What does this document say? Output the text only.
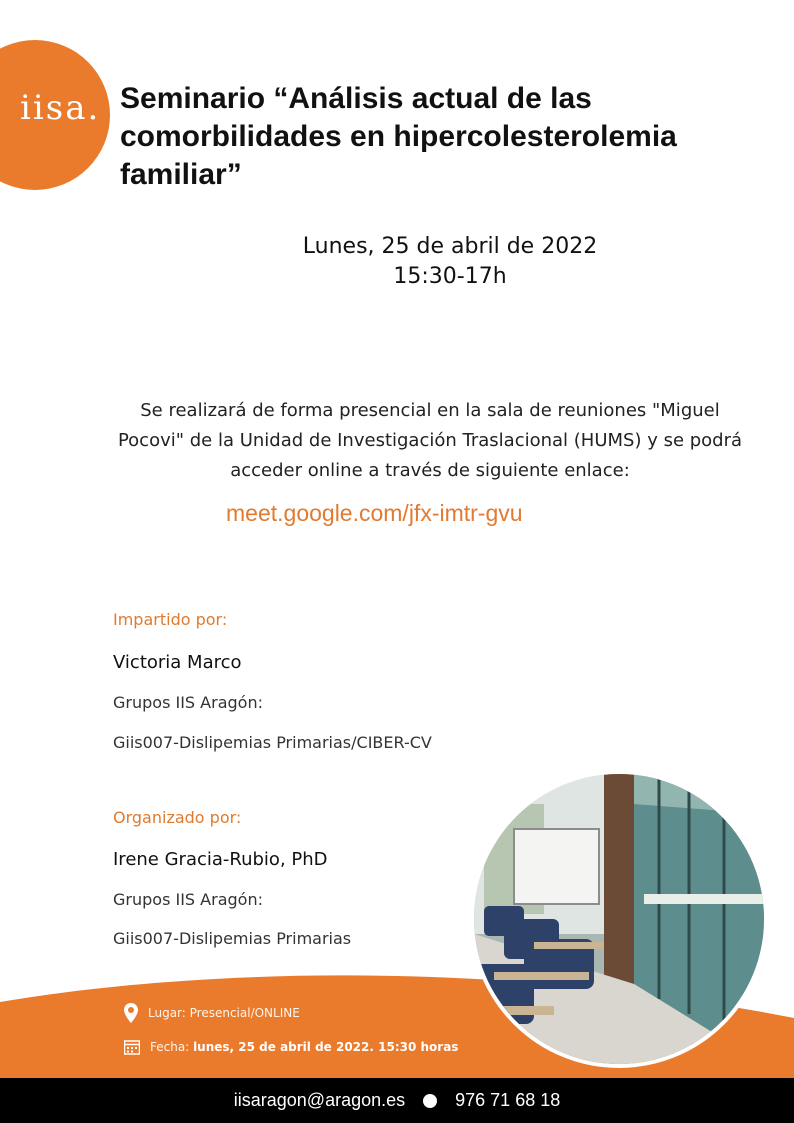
iisa. Seminario “Análisis actual de las comorbilidades en hipercolesterolemia familiar”
Lunes, 25 de abril de 2022
15:30-17h
Se realizará de forma presencial en la sala de reuniones "Miguel Pocovi" de la Unidad de Investigación Traslacional (HUMS) y se podrá acceder online a través de siguiente enlace:
meet.google.com/jfx-imtr-gvu
Impartido por:
Victoria Marco
Grupos IIS Aragón:
Giis007-Dislipemias Primarias/CIBER-CV
Organizado por:
Irene Gracia-Rubio, PhD
Grupos IIS Aragón:
Giis007-Dislipemias Primarias
Lugar: Presencial/ONLINE
Fecha: lunes, 25 de abril de 2022. 15:30 horas
iisaragon@aragon.es	976 71 68 18
